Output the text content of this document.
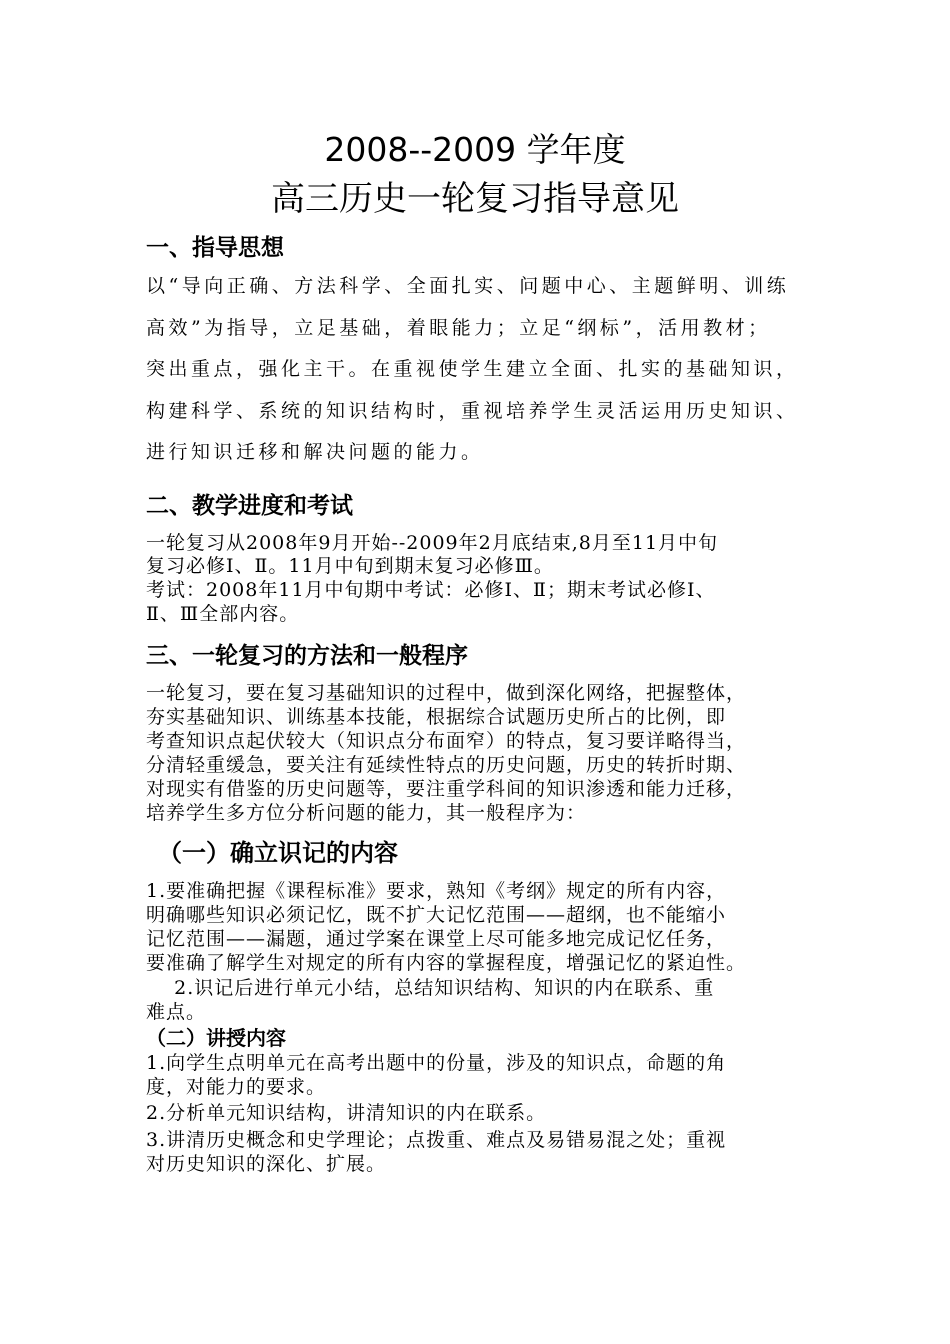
2008--2009 学年度
高三历史一轮复习指导意见
一、指导思想
以“导向正确、方法科学、全面扎实、问题中心、主题鲜明、训练
高效”为指导，立足基础，着眼能力；立足“纲标”，活用教材；
突出重点，强化主干。在重视使学生建立全面、扎实的基础知识，
构建科学、系统的知识结构时，重视培养学生灵活运用历史知识、
进行知识迁移和解决问题的能力。
二、教学进度和考试
一轮复习从2008年9月开始--2009年2月底结束,8月至11月中旬
复习必修Ⅰ、Ⅱ。11月中旬到期末复习必修Ⅲ。
考试：2008年11月中旬期中考试：必修Ⅰ、Ⅱ；期末考试必修Ⅰ、
Ⅱ、Ⅲ全部内容。
三、一轮复习的方法和一般程序
一轮复习，要在复习基础知识的过程中，做到深化网络，把握整体，
夯实基础知识、训练基本技能，根据综合试题历史所占的比例，即
考查知识点起伏较大（知识点分布面窄）的特点，复习要详略得当，
分清轻重缓急，要关注有延续性特点的历史问题，历史的转折时期、
对现实有借鉴的历史问题等，要注重学科间的知识渗透和能力迁移，
培养学生多方位分析问题的能力，其一般程序为：
（一）确立识记的内容
1.要准确把握《课程标准》要求，熟知《考纲》规定的所有内容，
明确哪些知识必须记忆，既不扩大记忆范围——超纲，也不能缩小
记忆范围——漏题，通过学案在课堂上尽可能多地完成记忆任务，
要准确了解学生对规定的所有内容的掌握程度，增强记忆的紧迫性。
2.识记后进行单元小结，总结知识结构、知识的内在联系、重
难点。
（二）讲授内容
1.向学生点明单元在高考出题中的份量，涉及的知识点，命题的角
度，对能力的要求。
2.分析单元知识结构，讲清知识的内在联系。
3.讲清历史概念和史学理论；点拨重、难点及易错易混之处；重视
对历史知识的深化、扩展。
